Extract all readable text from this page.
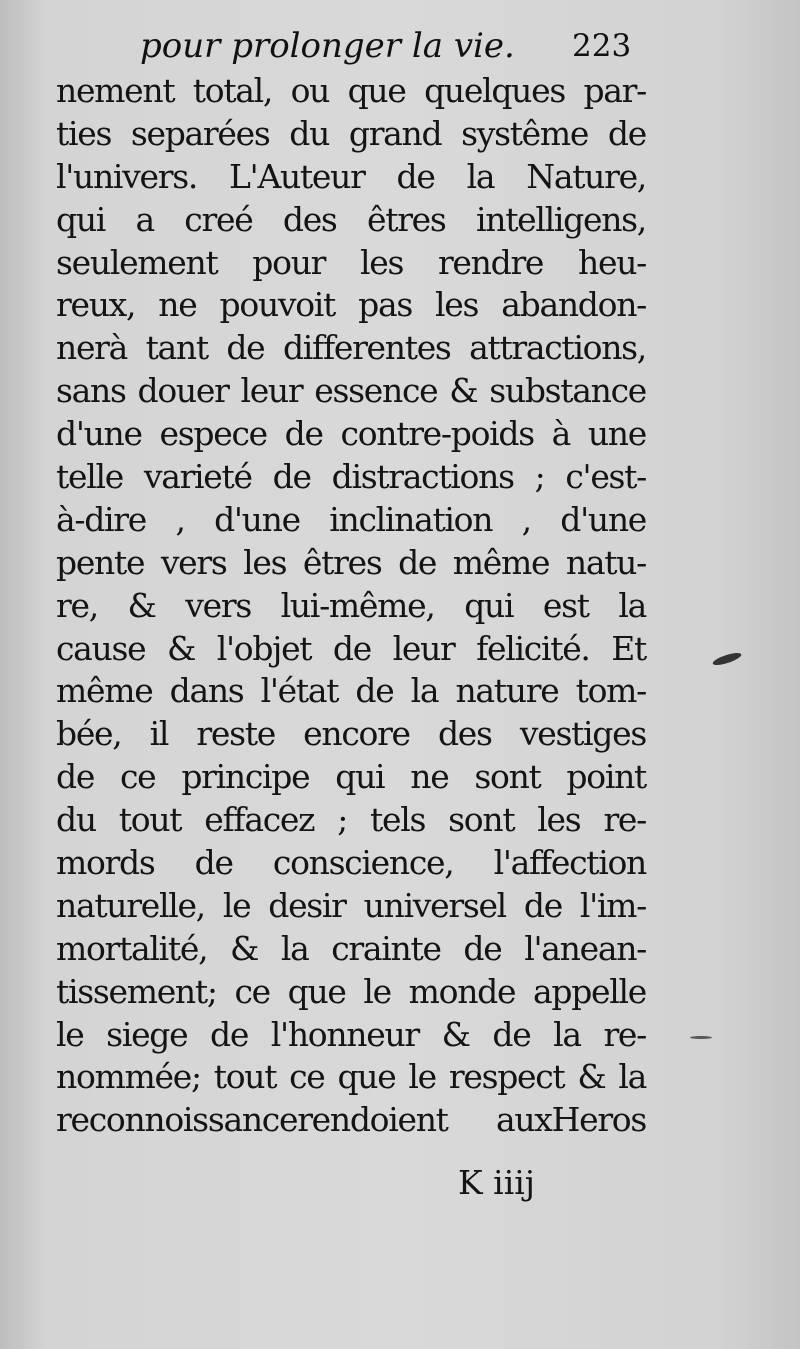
pour prolonger la vie. 223
nement total, ou que quelques par-
ties separées du grand systême de
l'univers. L'Auteur de la Nature,
qui a creé des êtres intelligens,
seulement pour les rendre heu-
reux, ne pouvoit pas les abandon-
nerà tant de differentes attractions,
sans douer leur essence & substance
d'une espece de contre-poids à une
telle varieté de distractions ; c'est-
à-dire , d'une inclination , d'une
pente vers les êtres de même natu-
re, & vers lui-même, qui est la
cause & l'objet de leur felicité. Et
même dans l'état de la nature tom-
bée, il reste encore des vestiges
de ce principe qui ne sont point
du tout effacez ; tels sont les re-
mords de conscience, l'affection
naturelle, le desir universel de l'im-
mortalité, & la crainte de l'anean-
tissement; ce que le monde appelle
le siege de l'honneur & de la re-
nommée; tout ce que le respect & la
reconnoissancerendoient auxHeros
K iiij
